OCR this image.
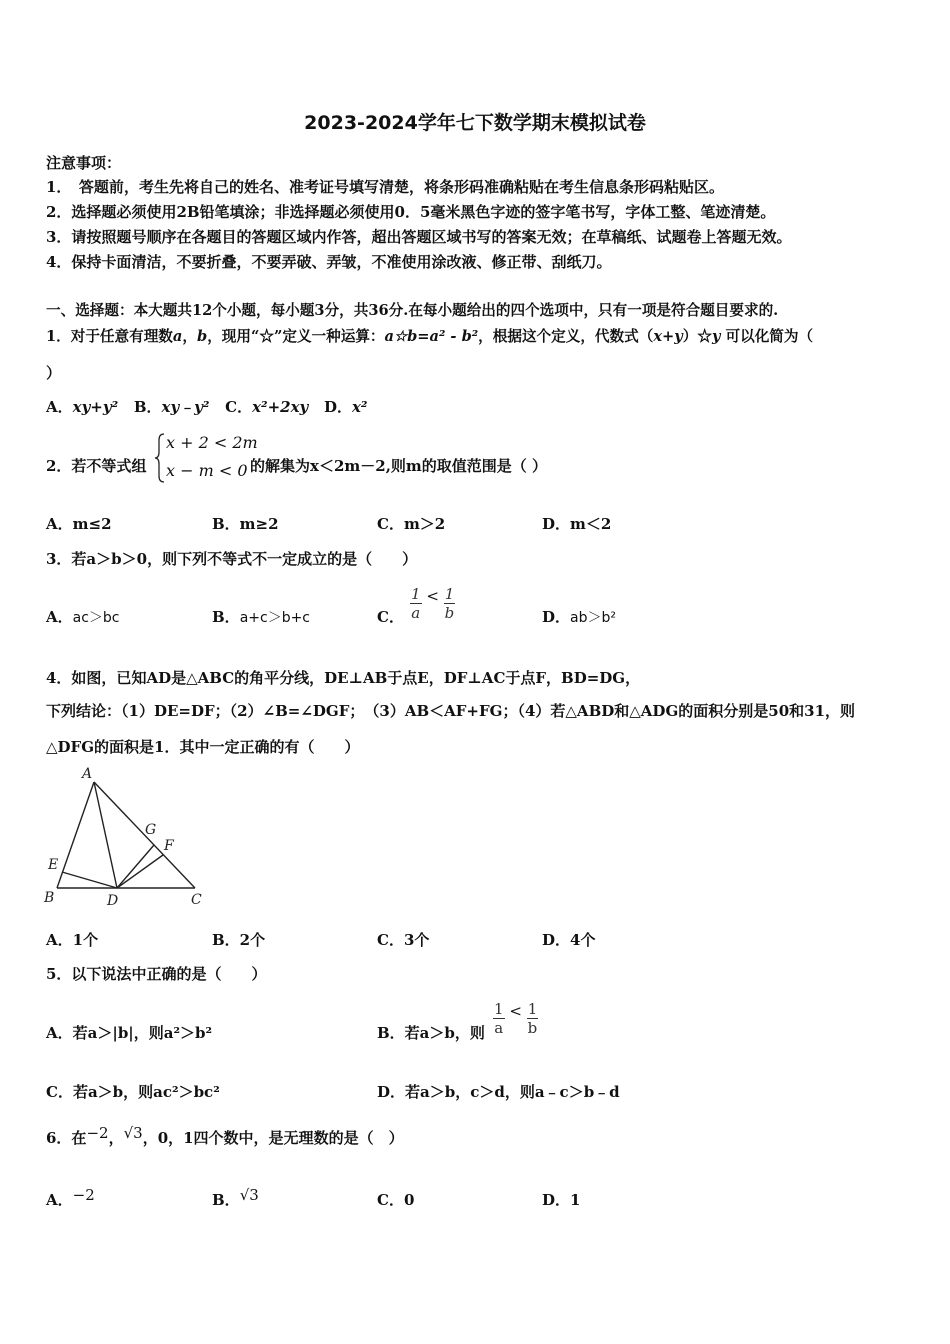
2023-2024学年七下数学期末模拟试卷
注意事项：
1．　答题前，考生先将自己的姓名、准考证号填写清楚，将条形码准确粘贴在考生信息条形码粘贴区。
2．选择题必须使用2B铅笔填涂；非选择题必须使用0．5毫米黑色字迹的签字笔书写，字体工整、笔迹清楚。
3．请按照题号顺序在各题目的答题区域内作答，超出答题区域书写的答案无效；在草稿纸、试题卷上答题无效。
4．保持卡面清洁，不要折叠，不要弄破、弄皱，不准使用涂改液、修正带、刮纸刀。
一、选择题：本大题共12个小题，每小题3分，共36分.在每小题给出的四个选项中，只有一项是符合题目要求的.
1．对于任意有理数a，b，现用“☆”定义一种运算：a☆b=a² - b²，根据这个定义，代数式（x+y）☆y 可以化简为（
）
A．xy+y² B．xy﹣y² C．x²+2xy D．x²
2．若不等式组
x + 2 < 2m
x − m < 0 的解集为x＜2m－2,则m的取值范围是（ ）
A．m≤2	B．m≥2	C．m＞2	D．m＜2
3．若a＞b＞0，则下列不等式不一定成立的是（　　）
A．ac＞bc	B．a+c＞b+c	C． $\frac{1}{a} < \frac{1}{b}$	D．ab＞b²
4．如图，已知AD是△ABC的角平分线，DE⊥AB于点E，DF⊥AC于点F，BD=DG，
下列结论：（1）DE=DF；（2）∠B=∠DGF；　（3）AB＜AF+FG；（4）若△ABD和△ADG的面积分别是50和31，则
△DFG的面积是1．其中一定正确的有（　　）
A
B	C
D
E
F
G
A．1个	B．2个	C．3个	D．4个
5．以下说法中正确的是（　　）
A．若a＞|b|，则a²＞b²	B．若a＞b，则 $\frac{1}{a} < \frac{1}{b}$
C．若a＞b，则ac²＞bc²	D．若a＞b，c＞d，则a﹣c＞b﹣d
6．在−2，√3，0，1四个数中，是无理数的是（　）
A．−2	B．√3	C．0	D．1
